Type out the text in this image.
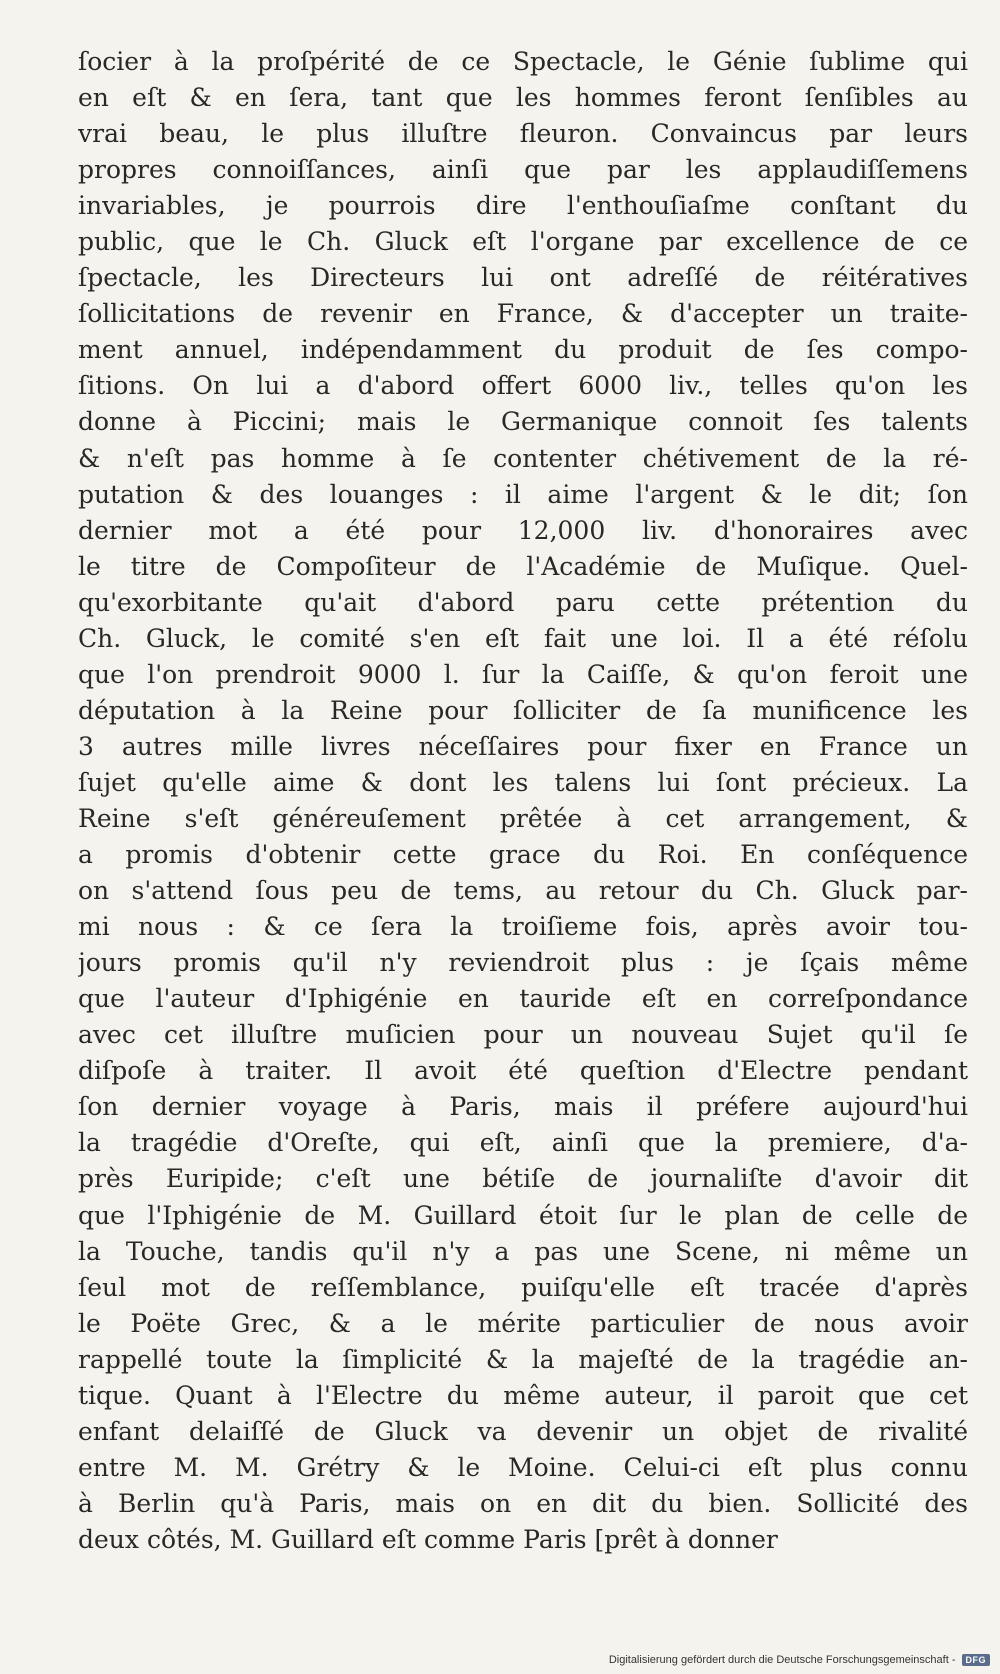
ſocier à la proſpérité de ce Spectacle, le Génie ſublime qui
en eſt & en ſera, tant que les hommes feront ſenſibles au
vrai beau, le plus illuſtre fleuron. Convaincus par leurs
propres connoiſſances, ainſi que par les applaudiſſemens
invariables, je pourrois dire l'enthouſiaſme conſtant du
public, que le Ch. Gluck eſt l'organe par excellence de ce
ſpectacle, les Directeurs lui ont adreſſé de réitératives
ſollicitations de revenir en France, & d'accepter un traite-
ment annuel, indépendamment du produit de ſes compo-
ſitions. On lui a d'abord offert 6000 liv., telles qu'on les
donne à Piccini; mais le Germanique connoit ſes talents
& n'eſt pas homme à ſe contenter chétivement de la ré-
putation & des louanges : il aime l'argent & le dit; ſon
dernier mot a été pour 12,000 liv. d'honoraires avec
le titre de Compoſiteur de l'Académie de Muſique. Quel-
qu'exorbitante qu'ait d'abord paru cette prétention du
Ch. Gluck, le comité s'en eſt fait une loi. Il a été réſolu
que l'on prendroit 9000 l. ſur la Caiſſe, & qu'on feroit une
députation à la Reine pour ſolliciter de ſa munificence les
3 autres mille livres néceſſaires pour fixer en France un
ſujet qu'elle aime & dont les talens lui ſont précieux. La
Reine s'eſt généreuſement prêtée à cet arrangement, &
a promis d'obtenir cette grace du Roi. En conſéquence
on s'attend ſous peu de tems, au retour du Ch. Gluck par-
mi nous : & ce ſera la troiſieme fois, après avoir tou-
jours promis qu'il n'y reviendroit plus : je ſçais même
que l'auteur d'Iphigénie en tauride eſt en correſpondance
avec cet illuſtre muſicien pour un nouveau Sujet qu'il ſe
diſpoſe à traiter. Il avoit été queſtion d'Electre pendant
ſon dernier voyage à Paris, mais il préfere aujourd'hui
la tragédie d'Oreſte, qui eſt, ainſi que la premiere, d'a-
près Euripide; c'eſt une bétiſe de journaliſte d'avoir dit
que l'Iphigénie de M. Guillard étoit ſur le plan de celle de
la Touche, tandis qu'il n'y a pas une Scene, ni même un
ſeul mot de reſſemblance, puiſqu'elle eſt tracée d'après
le Poëte Grec, & a le mérite particulier de nous avoir
rappellé toute la ſimplicité & la majeſté de la tragédie an-
tique. Quant à l'Electre du même auteur, il paroit que cet
enfant delaiſſé de Gluck va devenir un objet de rivalité
entre M. M. Grétry & le Moine. Celui-ci eſt plus connu
à Berlin qu'à Paris, mais on en dit du bien. Sollicité des
deux côtés, M. Guillard eſt comme Paris [prêt à donner
Digitalisierung gefördert durch die Deutsche Forschungsgemeinschaft -	DFG
